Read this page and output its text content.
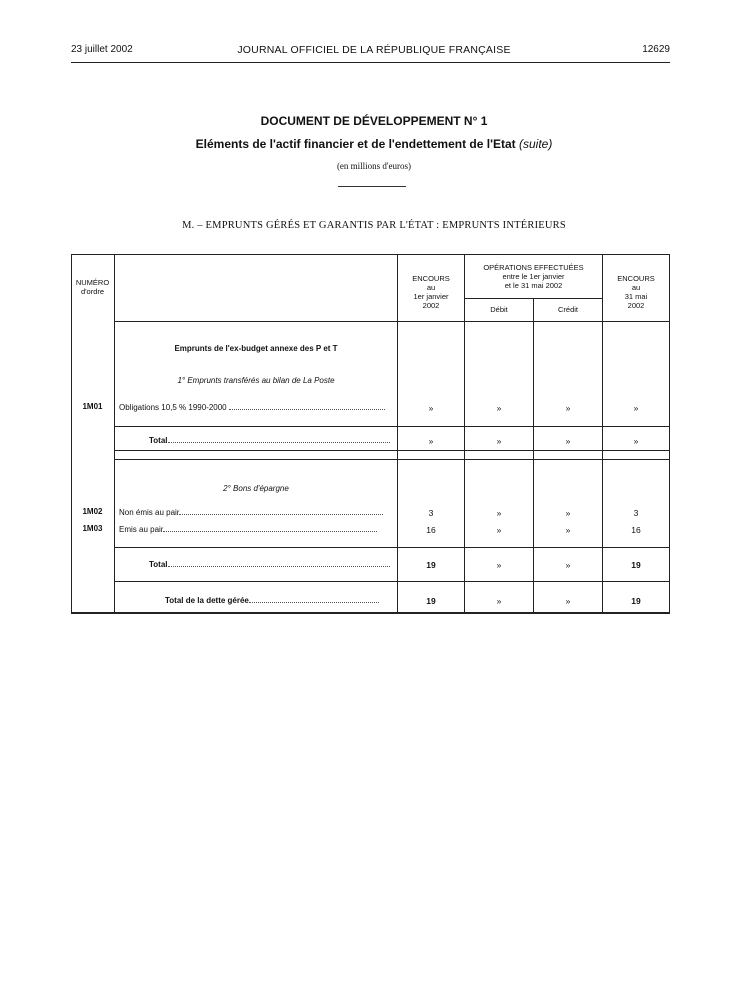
23 juillet 2002	JOURNAL OFFICIEL DE LA RÉPUBLIQUE FRANÇAISE	12629
DOCUMENT DE DÉVELOPPEMENT N° 1
Eléments de l'actif financier et de l'endettement de l'Etat (suite)
(en millions d'euros)
M. – EMPRUNTS GÉRÉS ET GARANTIS PAR L'ÉTAT : EMPRUNTS INTÉRIEURS
NUMÉRO
d'ordre
ENCOURS
au
1er janvier
2002
OPÉRATIONS EFFECTUÉES
entre le 1er janvier
et le 31 mai 2002
Débit	Crédit
ENCOURS
au
31 mai
2002
Emprunts de l'ex-budget annexe des P et T
1° Emprunts transférés au bilan de La Poste
2° Bons d'épargne
1M01	Obligations 10,5 % 1990-2000	»	»	»	»
Total	»	»	»	»
1M02	Non émis au pair	3	»	»	3
1M03	Emis au pair	16	»	»	16
Total	19	»	»	19
Total de la dette gérée	19	»	»	19
